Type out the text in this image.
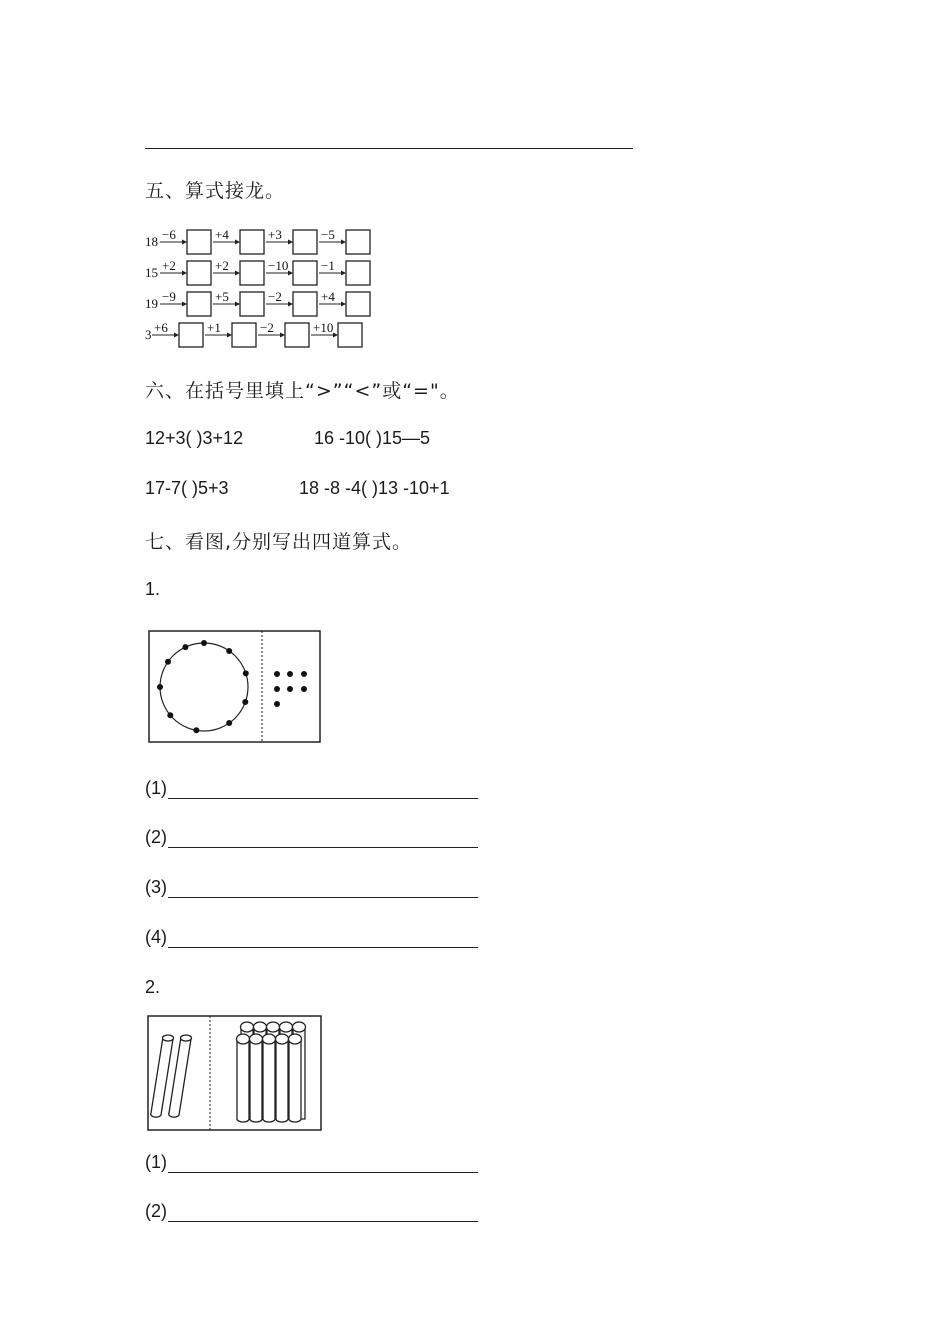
五、算式接龙。
18 −6	+4	+3	−5
15 +2	+2	−10	−1
19 −9	+5	−2	+4
3 +6	+1	−2	+10
六、在括号里填上“>”“<”或“="。
12+3( )3+12	16 -10( )15—5
17-7( )5+3	18 -8 -4( )13 -10+1
七、看图,分别写出四道算式。
1.
(1)
(2)
(3)
(4)
2.
(1)
(2)
